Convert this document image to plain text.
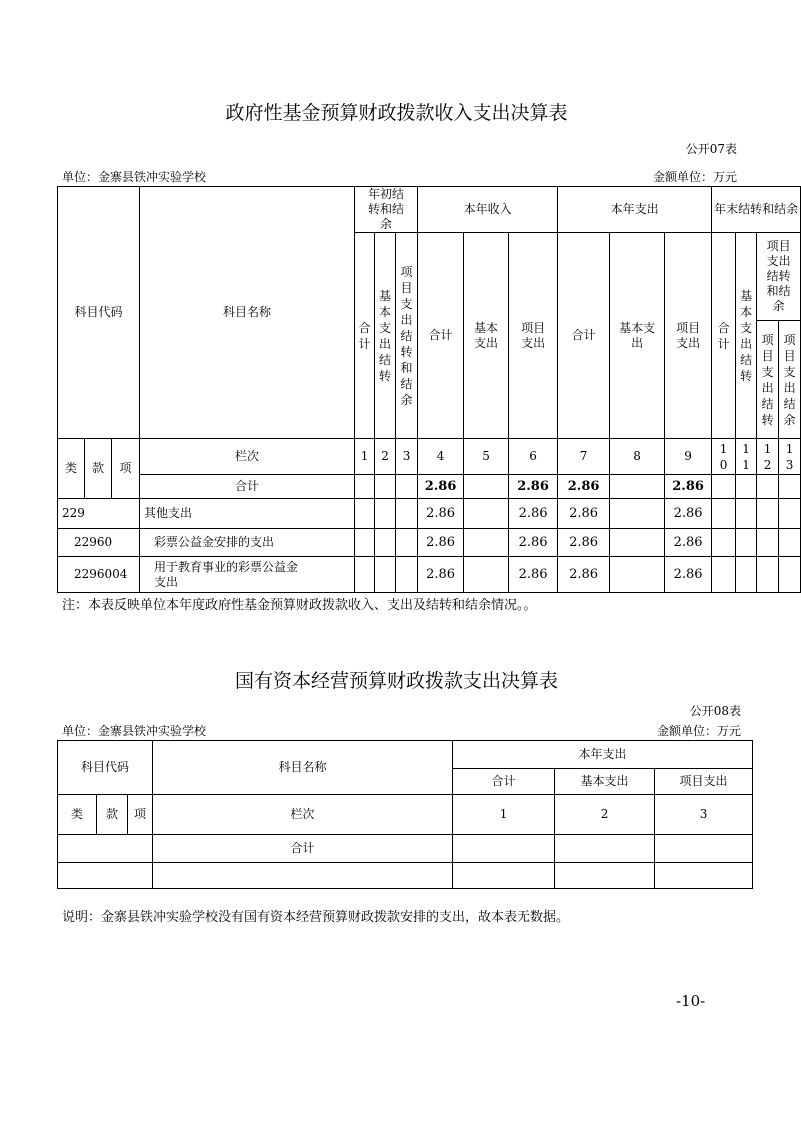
政府性基金预算财政拨款收入支出决算表
公开07表
单位：金寨县铁冲实验学校	金额单位：万元
科目代码			科目名称	年初结转和结余			本年收入			本年支出			年末结转和结余			
				合计	基本支出结转	项目支出结转和结余	合计	基本支出	项目支出	合计	基本支出	项目支出	合计	基本支出结转	项目支出结转和结余	
															项目支出结转	项目支出结余
类	款	项	栏次	1	2	3	4	5	6	7	8	9	10	11	12	13
			合计				2.86		2.86	2.86		2.86				
229			其他支出				2.86		2.86	2.86		2.86				
22960			彩票公益金安排的支出				2.86		2.86	2.86		2.86				
2296004			用于教育事业的彩票公益金支出				2.86		2.86	2.86		2.86				
注：本表反映单位本年度政府性基金预算财政拨款收入、支出及结转和结余情况。。
国有资本经营预算财政拨款支出决算表
公开08表
单位：金寨县铁冲实验学校	金额单位：万元
科目代码			科目名称	本年支出		
				合计	基本支出	项目支出
类	款	项	栏次	1	2	3
			合计			

说明：金寨县铁冲实验学校没有国有资本经营预算财政拨款安排的支出，故本表无数据。
-10-
